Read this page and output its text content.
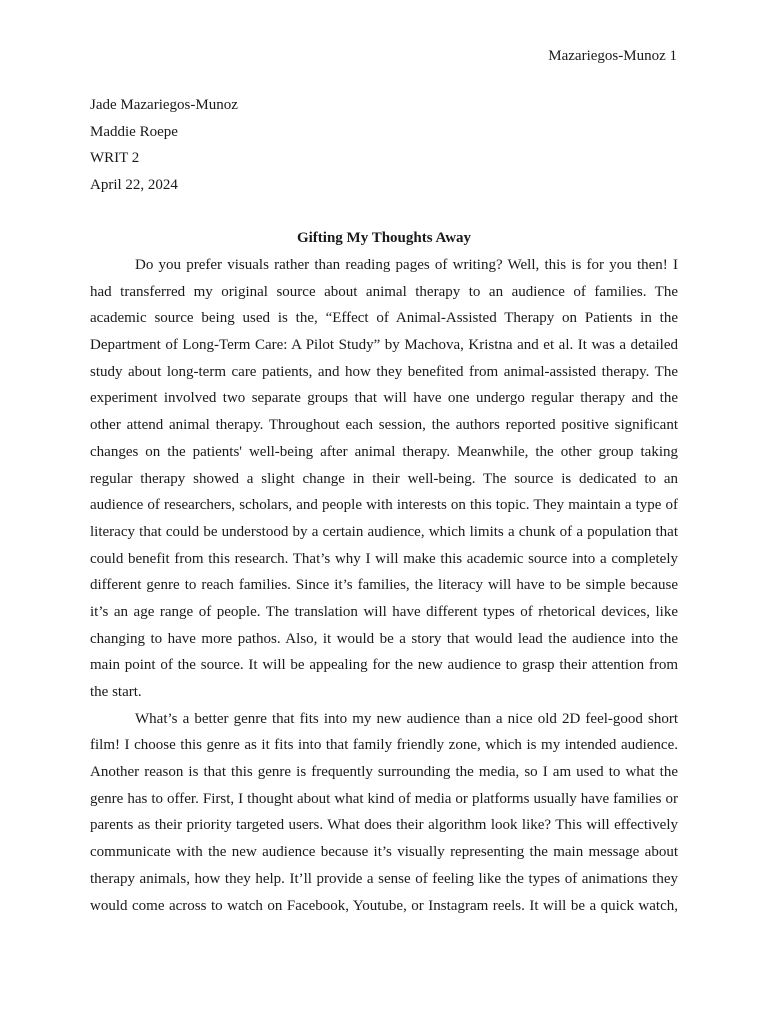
Mazariegos-Munoz 1
Jade Mazariegos-Munoz
Maddie Roepe
WRIT 2
April 22, 2024
Gifting My Thoughts Away
Do you prefer visuals rather than reading pages of writing? Well, this is for you then! I
had transferred my original source about animal therapy to an audience of families. The
academic source being used is the, “Effect of Animal-Assisted Therapy on Patients in the
Department of Long-Term Care: A Pilot Study” by Machova, Kristna and et al. It was a detailed
study about long-term care patients, and how they benefited from animal-assisted therapy. The
experiment involved two separate groups that will have one undergo regular therapy and the
other attend animal therapy. Throughout each session, the authors reported positive significant
changes on the patients' well-being after animal therapy. Meanwhile, the other group taking
regular therapy showed a slight change in their well-being. The source is dedicated to an
audience of researchers, scholars, and people with interests on this topic. They maintain a type of
literacy that could be understood by a certain audience, which limits a chunk of a population that
could benefit from this research. That’s why I will make this academic source into a completely
different genre to reach families. Since it’s families, the literacy will have to be simple because
it’s an age range of people. The translation will have different types of rhetorical devices, like
changing to have more pathos. Also, it would be a story that would lead the audience into the
main point of the source. It will be appealing for the new audience to grasp their attention from
the start.
What’s a better genre that fits into my new audience than a nice old 2D feel-good short
film! I choose this genre as it fits into that family friendly zone, which is my intended audience.
Another reason is that this genre is frequently surrounding the media, so I am used to what the
genre has to offer. First, I thought about what kind of media or platforms usually have families or
parents as their priority targeted users. What does their algorithm look like? This will effectively
communicate with the new audience because it’s visually representing the main message about
therapy animals, how they help. It’ll provide a sense of feeling like the types of animations they
would come across to watch on Facebook, Youtube, or Instagram reels. It will be a quick watch,
